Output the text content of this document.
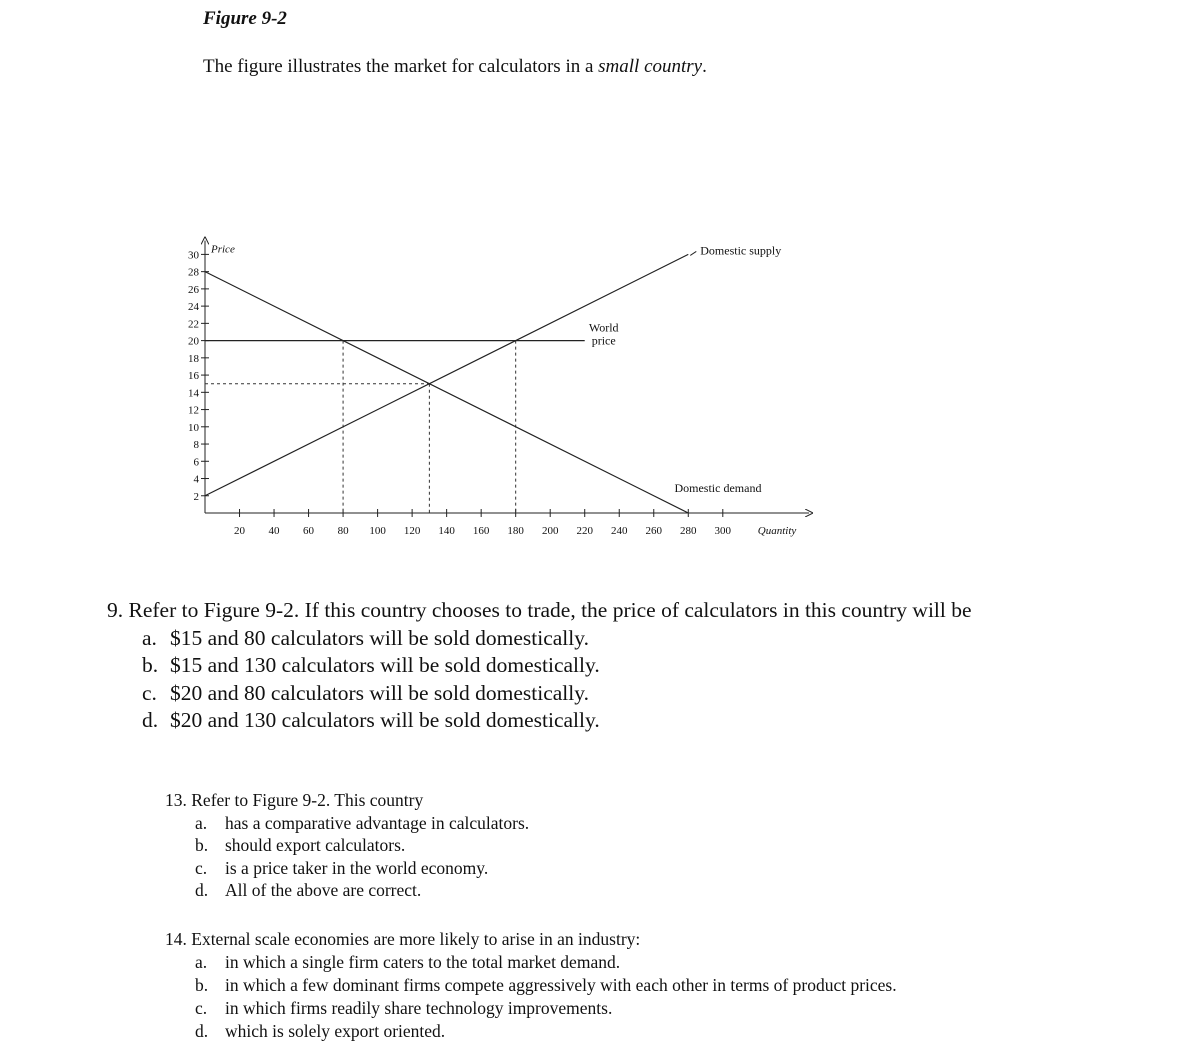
Figure 9-2
The figure illustrates the market for calculators in a small country.
Price
Quantity
2
4
6
8
10
12
14
16
18
20
22
24
26
28
30
20 40 60 80 100 120 140 160 180 200 220 240 260 280 300
Domestic supply
World
price
Domestic demand
9. Refer to Figure 9-2. If this country chooses to trade, the price of calculators in this country will be
a. $15 and 80 calculators will be sold domestically.
b. $15 and 130 calculators will be sold domestically.
c. $20 and 80 calculators will be sold domestically.
d. $20 and 130 calculators will be sold domestically.
13. Refer to Figure 9-2. This country
a. has a comparative advantage in calculators.
b. should export calculators.
c. is a price taker in the world economy.
d. All of the above are correct.
14. External scale economies are more likely to arise in an industry:
a. in which a single firm caters to the total market demand.
b. in which a few dominant firms compete aggressively with each other in terms of product prices.
c. in which firms readily share technology improvements.
d. which is solely export oriented.
